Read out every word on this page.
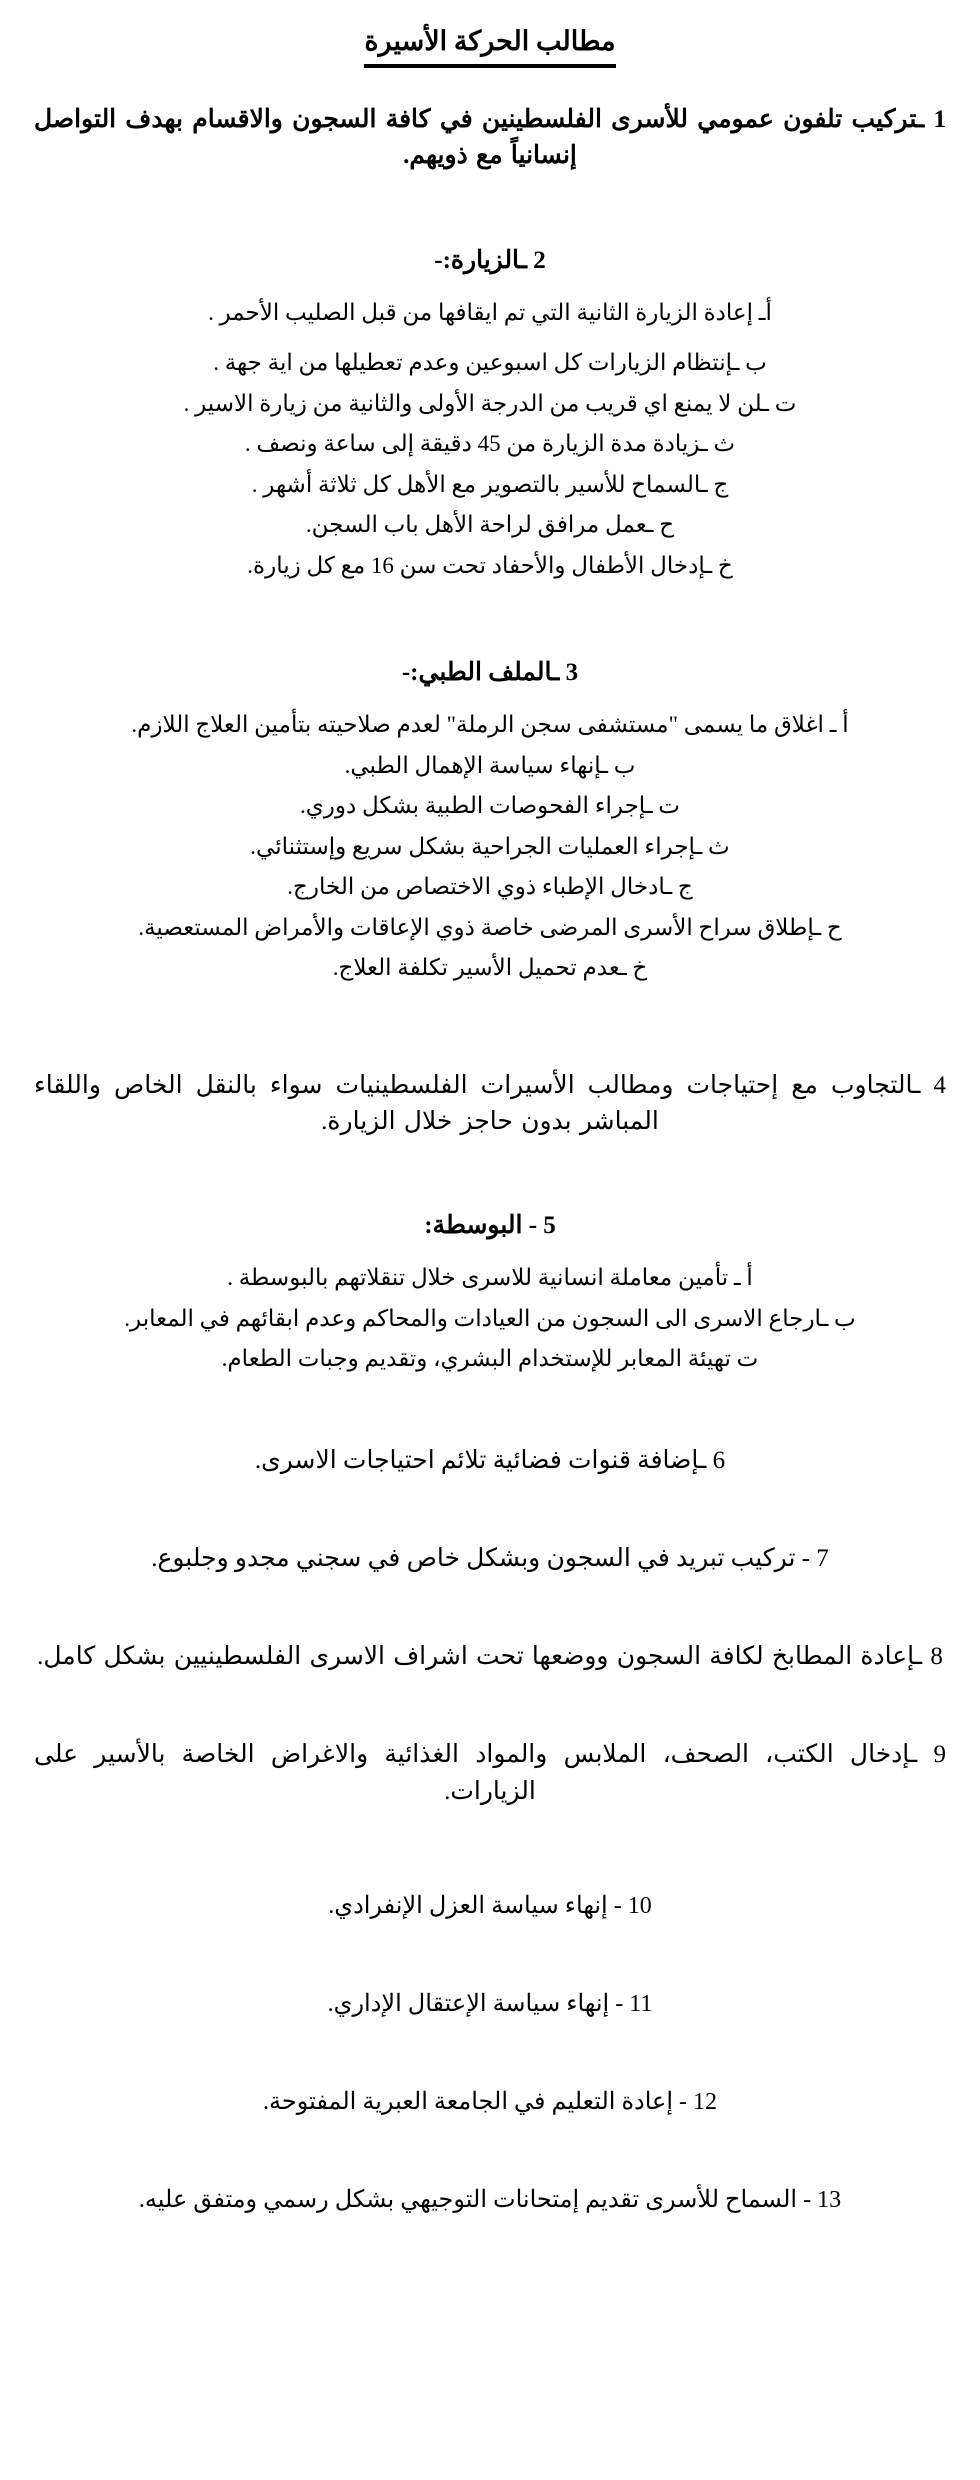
مطالب الحركة الأسيرة

1 ـتركيب تلفون عمومي للأسرى الفلسطينين في كافة السجون والاقسام بهدف التواصل إنسانياً مع ذويهم.

2 ـالزيارة:-

أـ إعادة الزيارة الثانية التي تم ايقافها من قبل الصليب الأحمر .

ب ـإنتظام الزيارات كل اسبوعين وعدم تعطيلها من اية جهة .

ت ـلن لا يمنع اي قريب من الدرجة الأولى والثانية من زيارة الاسير .

ث ـزيادة مدة الزيارة من 45 دقيقة إلى ساعة ونصف .

ج ـالسماح للأسير بالتصوير مع الأهل كل ثلاثة أشهر .

ح ـعمل مرافق لراحة الأهل باب السجن.

خ ـإدخال الأطفال والأحفاد تحت سن 16 مع كل زيارة.

3 ـالملف الطبي:-

أ ـ اغلاق ما يسمى "مستشفى سجن الرملة" لعدم صلاحيته بتأمين العلاج اللازم.

ب ـإنهاء سياسة الإهمال الطبي.

ت ـإجراء الفحوصات الطبية بشكل دوري.

ث ـإجراء العمليات الجراحية بشكل سريع وإستثنائي.

ج ـادخال الإطباء ذوي الاختصاص من الخارج.

ح ـإطلاق سراح الأسرى المرضى خاصة ذوي الإعاقات والأمراض المستعصية.

خ ـعدم تحميل الأسير تكلفة العلاج.

4 ـالتجاوب مع إحتياجات ومطالب الأسيرات الفلسطينيات سواء بالنقل الخاص واللقاء المباشر بدون حاجز خلال الزيارة.

5 - البوسطة:

أ ـ تأمين معاملة انسانية للاسرى خلال تنقلاتهم بالبوسطة .

ب ـارجاع الاسرى الى السجون من العيادات والمحاكم وعدم ابقائهم في المعابر.

ت تهيئة المعابر للإستخدام البشري، وتقديم وجبات الطعام.

6 ـإضافة قنوات فضائية تلائم احتياجات الاسرى.

7 - تركيب تبريد في السجون وبشكل خاص في سجني مجدو وجلبوع.

8 ـإعادة المطابخ لكافة السجون ووضعها تحت اشراف الاسرى الفلسطينيين بشكل كامل.

9 ـإدخال الكتب، الصحف، الملابس والمواد الغذائية والاغراض الخاصة بالأسير على الزيارات.

10 - إنهاء سياسة العزل الإنفرادي.

11 - إنهاء سياسة الإعتقال الإداري.

12 - إعادة التعليم في الجامعة العبرية المفتوحة.

13 - السماح للأسرى تقديم إمتحانات التوجيهي بشكل رسمي ومتفق عليه.
